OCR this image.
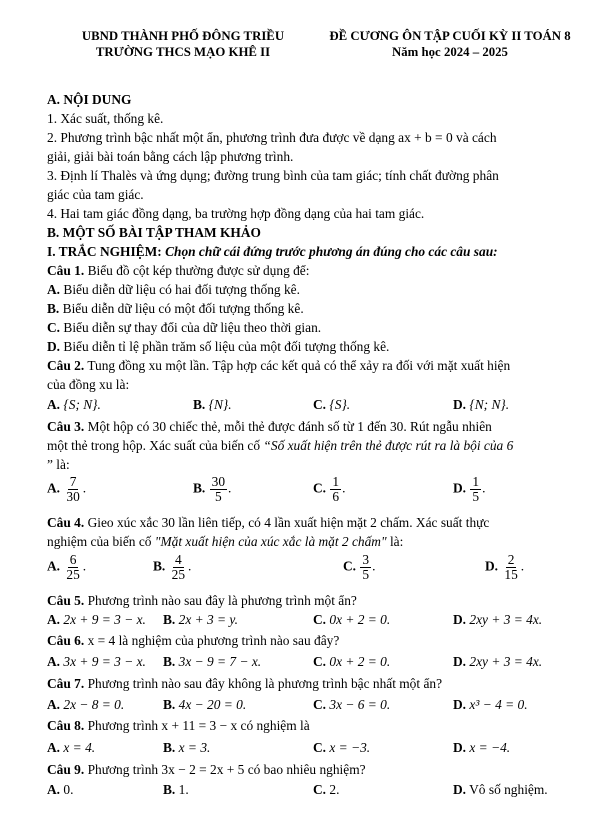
UBND THÀNH PHỐ ĐÔNG TRIỀU
TRƯỜNG THCS MẠO KHÊ II
ĐỀ CƯƠNG ÔN TẬP CUỐI KỲ II TOÁN 8
Năm học 2024 – 2025
A. NỘI DUNG
1. Xác suất, thống kê.
2. Phương trình bậc nhất một ẩn, phương trình đưa được về dạng ax + b = 0 và cách
giải, giải bài toán bằng cách lập phương trình.
3. Định lí Thalès và ứng dụng; đường trung bình của tam giác; tính chất đường phân
giác của tam giác.
4. Hai tam giác đồng dạng, ba trường hợp đồng dạng của hai tam giác.
B. MỘT SỐ BÀI TẬP THAM KHẢO
I. TRẮC NGHIỆM: Chọn chữ cái đứng trước phương án đúng cho các câu sau:
Câu 1. Biểu đồ cột kép thường được sử dụng để:
A. Biểu diễn dữ liệu có hai đối tượng thống kê.
B. Biểu diễn dữ liệu có một đối tượng thống kê.
C. Biểu diễn sự thay đổi của dữ liệu theo thời gian.
D. Biểu diễn tỉ lệ phần trăm số liệu của một đối tượng thống kê.
Câu 2. Tung đồng xu một lần. Tập hợp các kết quả có thể xảy ra đối với mặt xuất hiện
của đồng xu là:
A. {S; N}.	B. {N}.	C. {S}.	D. {N; N}.
Câu 3. Một hộp có 30 chiếc thẻ, mỗi thẻ được đánh số từ 1 đến 30. Rút ngẫu nhiên
một thẻ trong hộp. Xác suất của biến cố “Số xuất hiện trên thẻ được rút ra là bội của 6
” là:
A. $\frac{7}{30}$ .	B. $\frac{30}{5}$ .	C. $\frac{1}{6}$ .	D. $\frac{1}{5}$ .
Câu 4. Gieo xúc xắc 30 lần liên tiếp, có 4 lần xuất hiện mặt 2 chấm. Xác suất thực
nghiệm của biến cố "Mặt xuất hiện của xúc xắc là mặt 2 chấm" là:
A. $\frac{6}{25}$ .	B. $\frac{4}{25}$ .	C. $\frac{3}{5}$ .	D. $\frac{2}{15}$ .
Câu 5. Phương trình nào sau đây là phương trình một ẩn?
A. 2x + 9 = 3 − x. B. 2x + 3 = y.	C. 0x + 2 = 0.	D. 2xy + 3 = 4x.
Câu 6. x = 4 là nghiệm của phương trình nào sau đây?
A. 3x + 9 = 3 − x. B. 3x − 9 = 7 − x.	C. 0x + 2 = 0.	D. 2xy + 3 = 4x.
Câu 7. Phương trình nào sau đây không là phương trình bậc nhất một ẩn?
A. 2x − 8 = 0.	B. 4x − 20 = 0.	C. 3x − 6 = 0.	D. x³ − 4 = 0.
Câu 8. Phương trình x + 11 = 3 − x có nghiệm là
A. x = 4.	B. x = 3.	C. x = −3.	D. x = −4.
Câu 9. Phương trình 3x − 2 = 2x + 5 có bao nhiêu nghiệm?
A. 0.	B. 1.	C. 2.	D. Vô số nghiệm.
